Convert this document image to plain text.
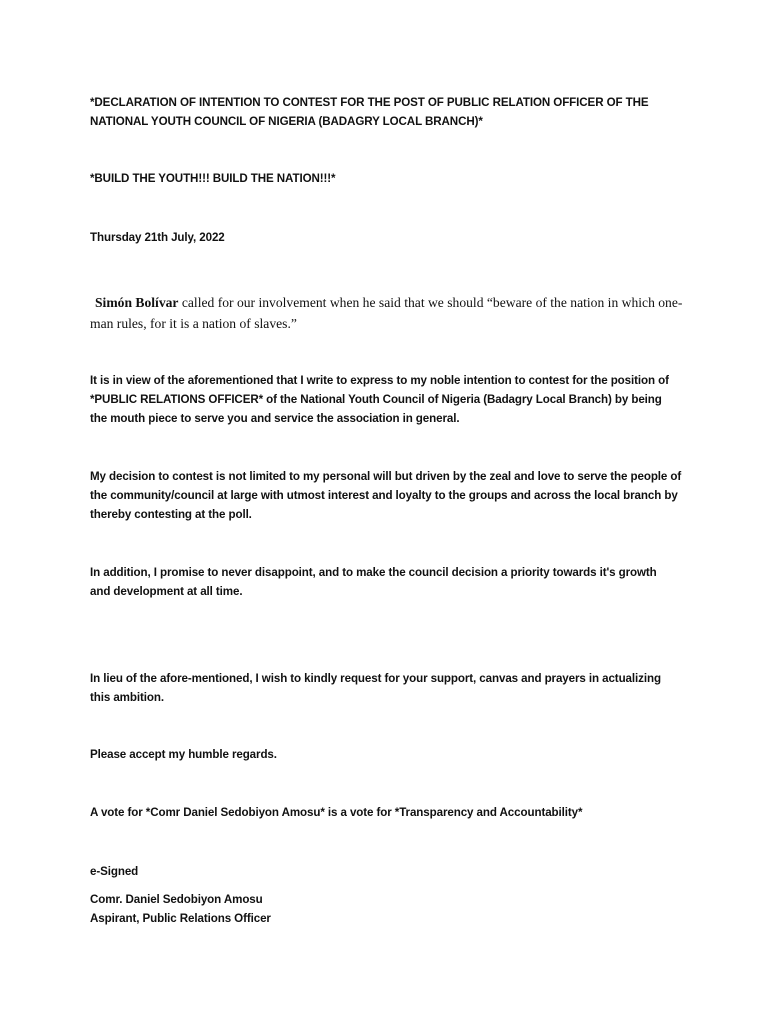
*DECLARATION OF INTENTION TO CONTEST FOR THE POST OF PUBLIC RELATION OFFICER OF THE NATIONAL YOUTH COUNCIL OF NIGERIA (BADAGRY LOCAL BRANCH)*

*BUILD THE YOUTH!!! BUILD THE NATION!!!*

Thursday 21th July, 2022

Simón Bolívar called for our involvement when he said that we should “beware of the nation in which one-man rules, for it is a nation of slaves.”

It is in view of the aforementioned that I write to express to my noble intention to contest for the position of *PUBLIC RELATIONS OFFICER* of the National Youth Council of Nigeria (Badagry Local Branch) by being the mouth piece to serve you and service the association in general.

My decision to contest is not limited to my personal will but driven by the zeal and love to serve the people of the community/council at large with utmost interest and loyalty to the groups and across the local branch by thereby contesting at the poll.

In addition, I promise to never disappoint, and to make the council decision a priority towards it's growth and development at all time.

In lieu of the afore-mentioned, I wish to kindly request for your support, canvas and prayers in actualizing this ambition.

Please accept my humble regards.

A vote for *Comr Daniel Sedobiyon Amosu* is a vote for *Transparency and Accountability*

e-Signed

Comr. Daniel Sedobiyon Amosu

Aspirant, Public Relations Officer
